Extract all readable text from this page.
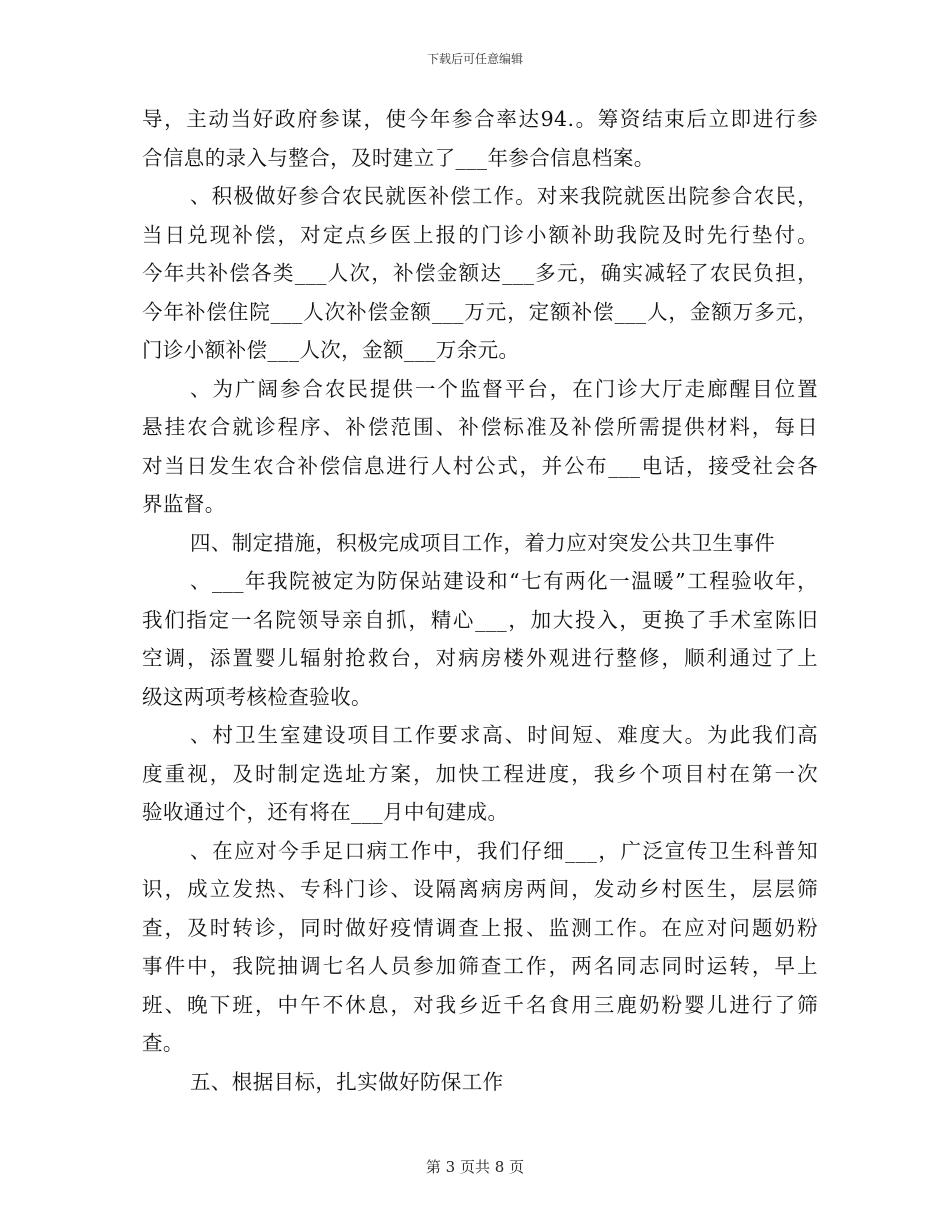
下载后可任意编辑
导，主动当好政府参谋，使今年参合率达94.。筹资结束后立即进行参
合信息的录入与整合，及时建立了___年参合信息档案。
、积极做好参合农民就医补偿工作。对来我院就医出院参合农民，
当日兑现补偿，对定点乡医上报的门诊小额补助我院及时先行垫付。
今年共补偿各类___人次，补偿金额达___多元，确实减轻了农民负担，
今年补偿住院___人次补偿金额___万元，定额补偿___人，金额万多元，
门诊小额补偿___人次，金额___万余元。
、为广阔参合农民提供一个监督平台，在门诊大厅走廊醒目位置
悬挂农合就诊程序、补偿范围、补偿标准及补偿所需提供材料，每日
对当日发生农合补偿信息进行人村公式，并公布___电话，接受社会各
界监督。
四、制定措施，积极完成项目工作，着力应对突发公共卫生事件
、___年我院被定为防保站建设和“七有两化一温暖”工程验收年，
我们指定一名院领导亲自抓，精心___，加大投入，更换了手术室陈旧
空调，添置婴儿辐射抢救台，对病房楼外观进行整修，顺利通过了上
级这两项考核检查验收。
、村卫生室建设项目工作要求高、时间短、难度大。为此我们高
度重视，及时制定选址方案，加快工程进度，我乡个项目村在第一次
验收通过个，还有将在___月中旬建成。
、在应对今手足口病工作中，我们仔细___，广泛宣传卫生科普知
识，成立发热、专科门诊、设隔离病房两间，发动乡村医生，层层筛
查，及时转诊，同时做好疫情调查上报、监测工作。在应对问题奶粉
事件中，我院抽调七名人员参加筛查工作，两名同志同时运转，早上
班、晚下班，中午不休息，对我乡近千名食用三鹿奶粉婴儿进行了筛
查。
五、根据目标，扎实做好防保工作
第 3 页共 8 页
